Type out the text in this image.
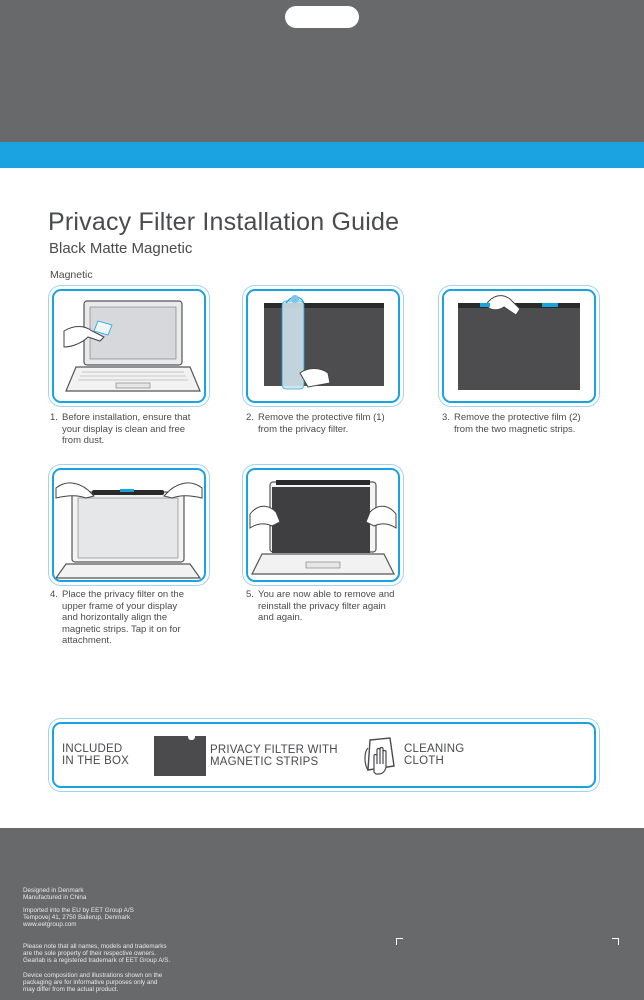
Privacy Filter Installation Guide
Black Matte Magnetic
Magnetic
1. Before installation, ensure that
your display is clean and free
from dust.
2. Remove the protective film (1)
from the privacy filter.
3. Remove the protective film (2)
from the two magnetic strips.
4. Place the privacy filter on the
upper frame of your display
and horizontally align the
magnetic strips. Tap it on for
attachment.
5. You are now able to remove and
reinstall the privacy filter again
and again.
INCLUDED
IN THE BOX
PRIVACY FILTER WITH
MAGNETIC STRIPS
CLEANING
CLOTH
Designed in Denmark
Manufactured in China
Imported into the EU by EET Group A/S
Tempovej 41, 2750 Ballerup, Denmark
www.eetgroup.com
Please note that all names, models and trademarks
are the sole property of their respective owners.
Gearlab is a registered trademark of EET Group A/S.
Device composition and illustrations shown on the
packaging are for informative purposes only and
may differ from the actual product.
